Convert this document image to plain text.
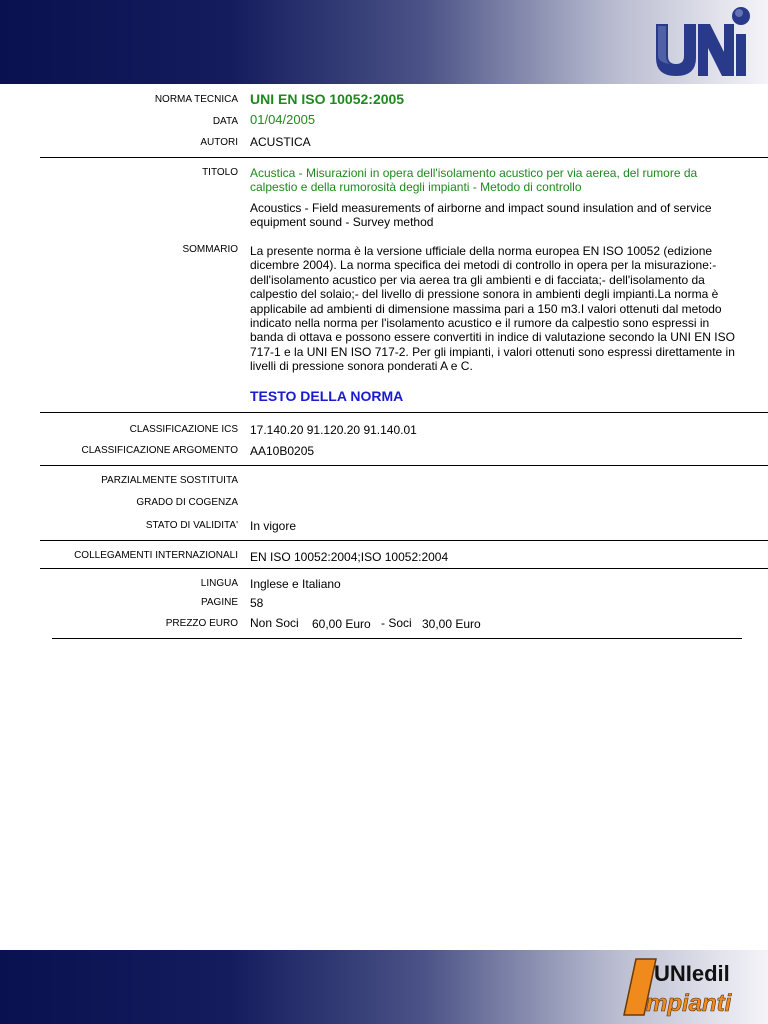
NORMA TECNICA UNI EN ISO 10052:2005
DATA 01/04/2005
AUTORI ACUSTICA
TITOLO Acustica - Misurazioni in opera dell'isolamento acustico per via aerea, del rumore da calpestio e della rumorosità degli impianti - Metodo di controllo
Acoustics - Field measurements of airborne and impact sound insulation and of service equipment sound - Survey method
SOMMARIO La presente norma è la versione ufficiale della norma europea EN ISO 10052 (edizione dicembre 2004). La norma specifica dei metodi di controllo in opera per la misurazione:- dell'isolamento acustico per via aerea tra gli ambienti e di facciata;- dell'isolamento da calpestio del solaio;- del livello di pressione sonora in ambienti degli impianti.La norma è applicabile ad ambienti di dimensione massima pari a 150 m3.I valori ottenuti dal metodo indicato nella norma per l'isolamento acustico e il rumore da calpestio sono espressi in banda di ottava e possono essere convertiti in indice di valutazione secondo la UNI EN ISO 717-1 e la UNI EN ISO 717-2. Per gli impianti, i valori ottenuti sono espressi direttamente in livelli di pressione sonora ponderati A e C.
TESTO DELLA NORMA
CLASSIFICAZIONE ICS 17.140.20 91.120.20 91.140.01
CLASSIFICAZIONE ARGOMENTO AA10B0205
PARZIALMENTE SOSTITUITA
GRADO DI COGENZA
STATO DI VALIDITA' In vigore
COLLEGAMENTI INTERNAZIONALI EN ISO 10052:2004;ISO 10052:2004
LINGUA Inglese e Italiano
PAGINE 58
PREZZO EURO Non Soci 60,00 Euro - Soci 30,00 Euro
UNIedil
mpianti
